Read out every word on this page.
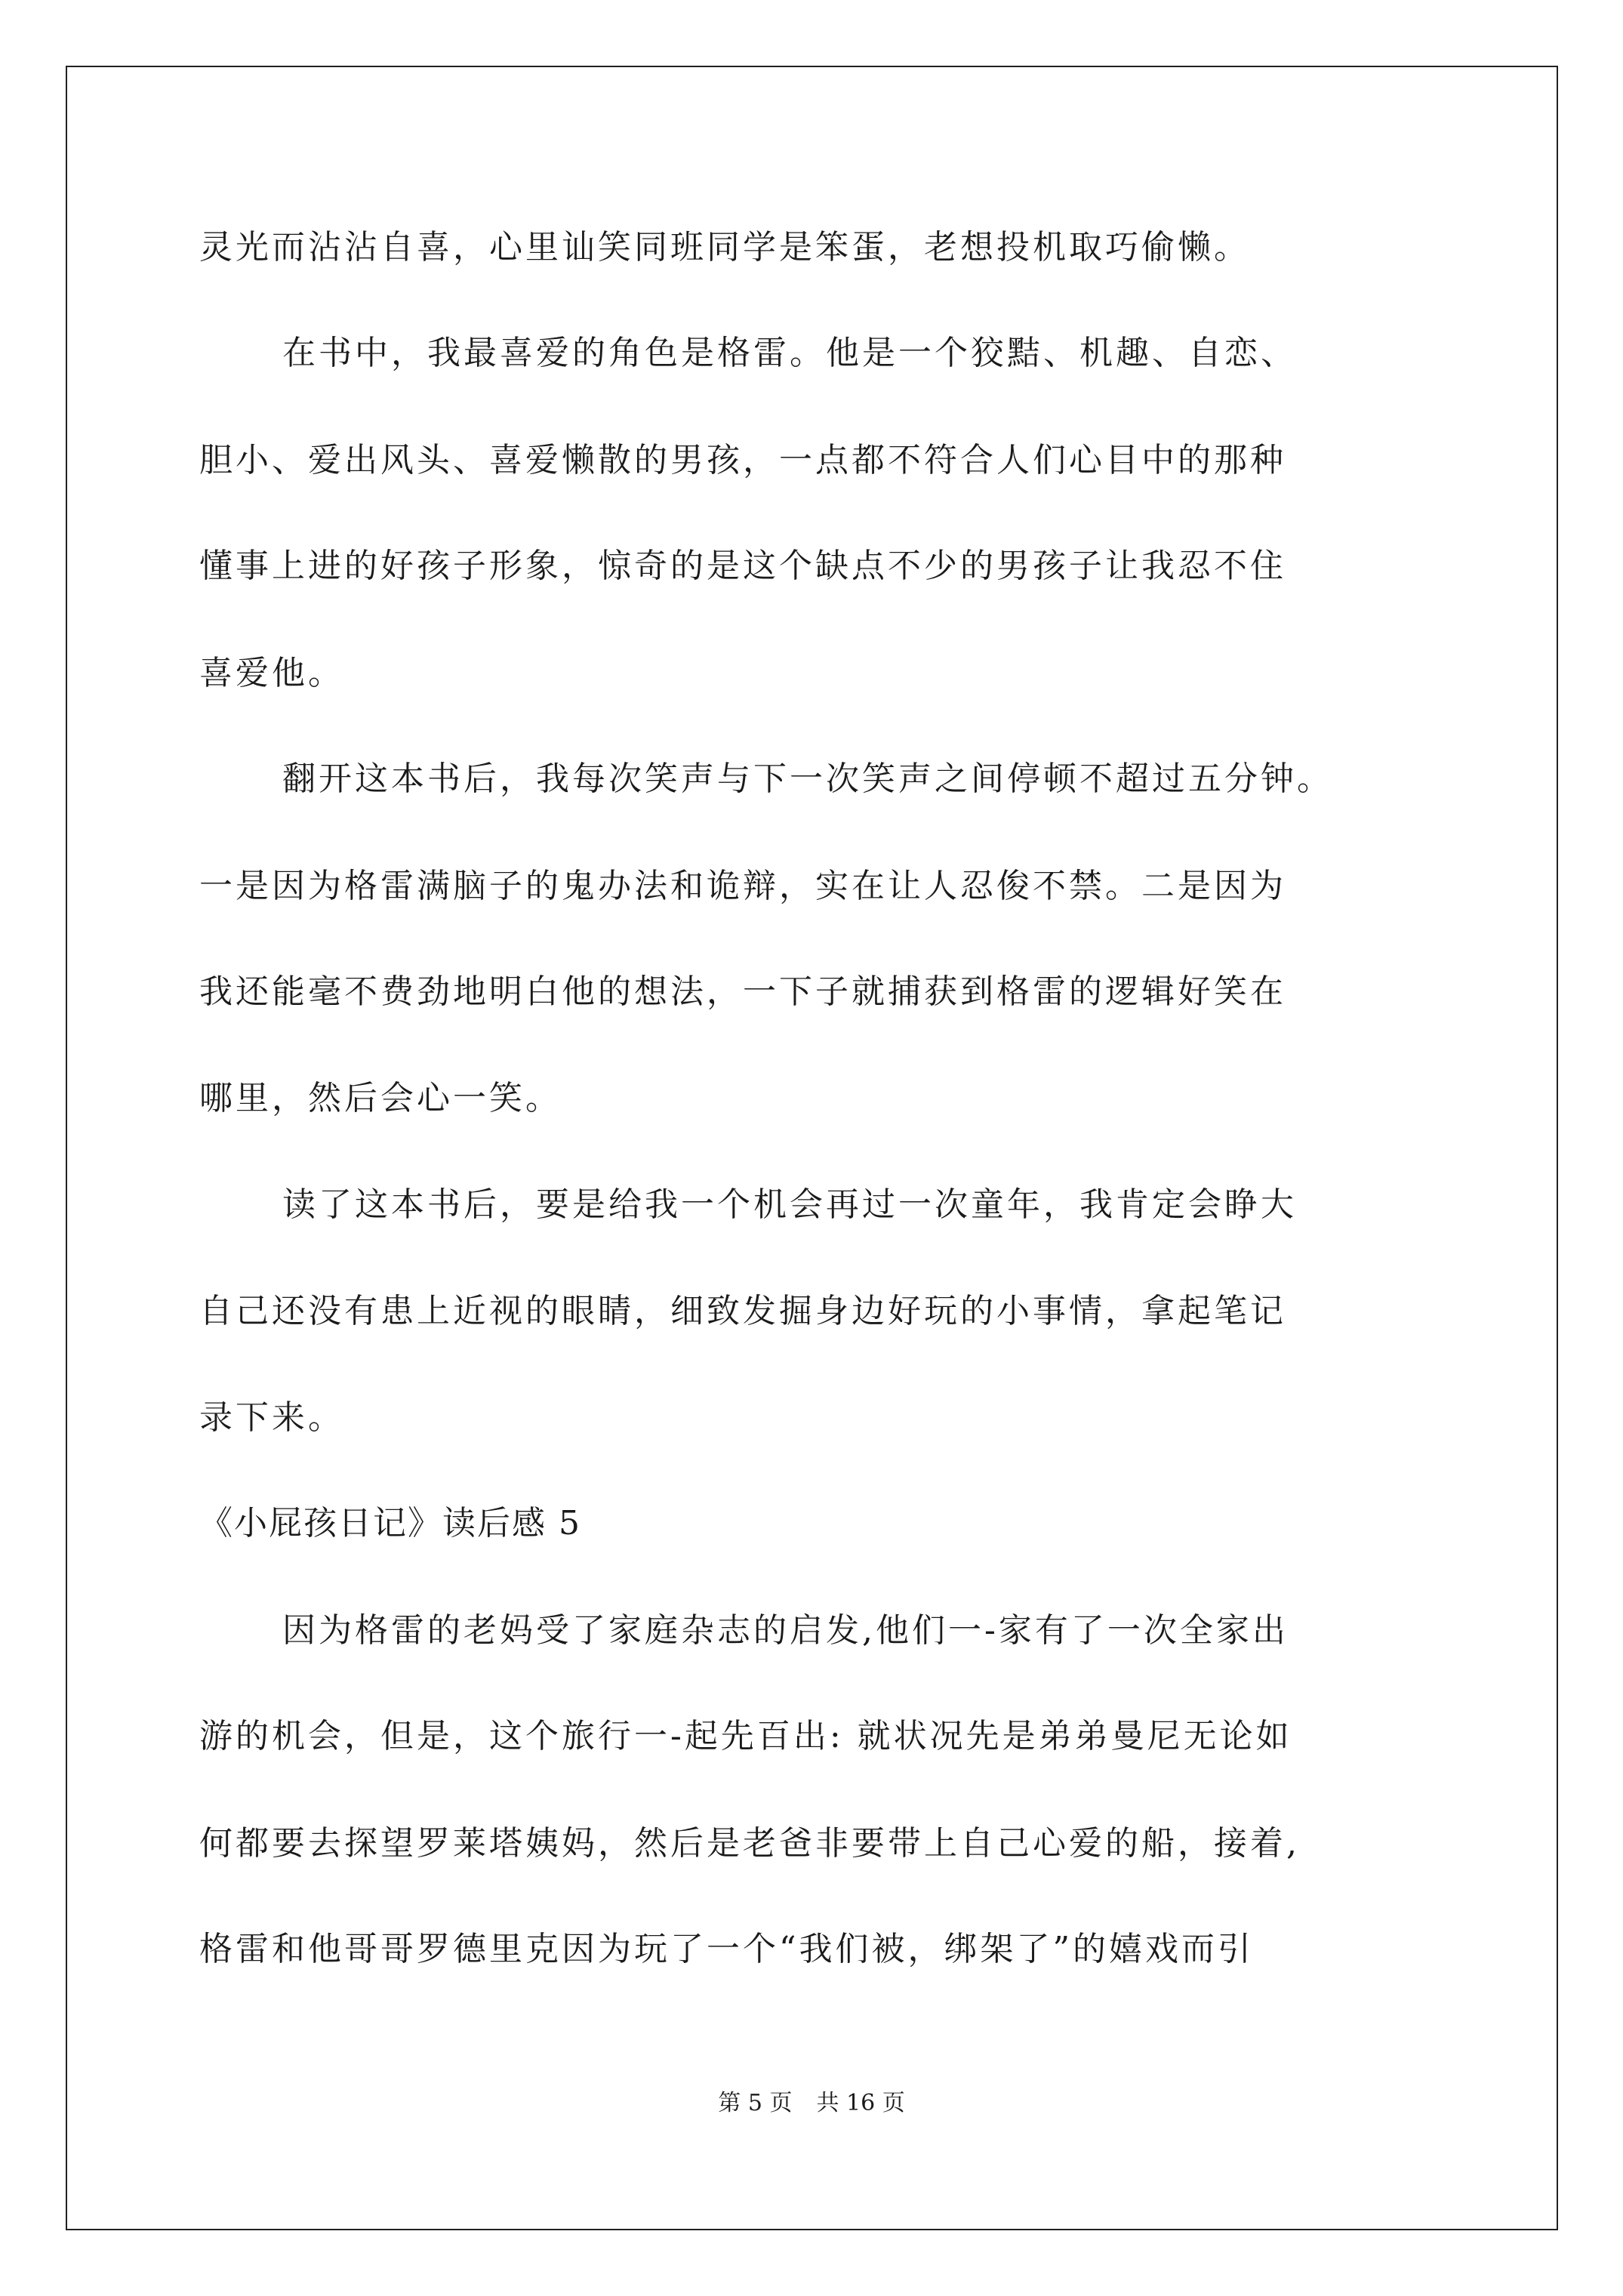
灵光而沾沾自喜，心里讪笑同班同学是笨蛋，老想投机取巧偷懒。
在书中，我最喜爱的角色是格雷。他是一个狡黠、机趣、自恋、
胆小、爱出风头、喜爱懒散的男孩，一点都不符合人们心目中的那种
懂事上进的好孩子形象，惊奇的是这个缺点不少的男孩子让我忍不住
喜爱他。
翻开这本书后，我每次笑声与下一次笑声之间停顿不超过五分钟。
一是因为格雷满脑子的鬼办法和诡辩，实在让人忍俊不禁。二是因为
我还能毫不费劲地明白他的想法，一下子就捕获到格雷的逻辑好笑在
哪里，然后会心一笑。
读了这本书后，要是给我一个机会再过一次童年，我肯定会睁大
自己还没有患上近视的眼睛，细致发掘身边好玩的小事情，拿起笔记
录下来。
《小屁孩日记》读后感 5
因为格雷的老妈受了家庭杂志的启发,他们一-家有了一次全家出
游的机会，但是，这个旅行一-起先百出: 就状况先是弟弟曼尼无论如
何都要去探望罗莱塔姨妈，然后是老爸非要带上自己心爱的船，接着,
格雷和他哥哥罗德里克因为玩了一个“我们被，绑架了”的嬉戏而引
第 5 页 共 16 页
